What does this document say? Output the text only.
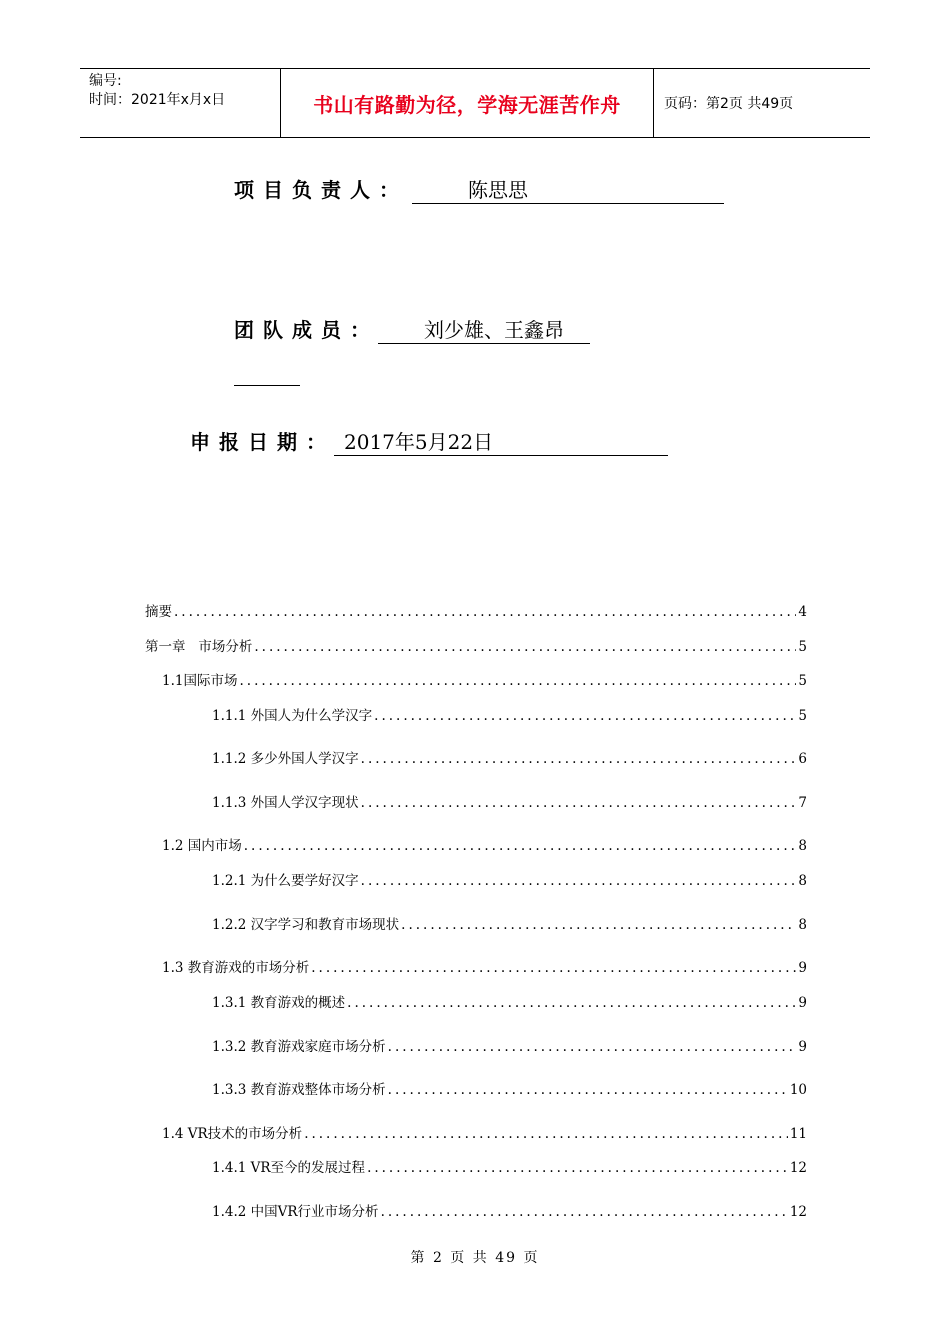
编号:
时间：2021年x月x日	书山有路勤为径，学海无涯苦作舟	页码：第2页 共49页
项目负责人：	陈思思
团队成员：	刘少雄、王鑫昂
申报日期： 2017年5月22日
摘要 .....	4
第一章   市场分析 .....	5
1.1国际市场 .....	5
1.1.1 外国人为什么学汉字 .....	5
1.1.2 多少外国人学汉字 .....	6
1.1.3 外国人学汉字现状 .....	7
1.2 国内市场 .....	8
1.2.1 为什么要学好汉字 .....	8
1.2.2 汉字学习和教育市场现状 .....	8
1.3 教育游戏的市场分析 .....	9
1.3.1 教育游戏的概述 .....	9
1.3.2 教育游戏家庭市场分析 .....	9
1.3.3 教育游戏整体市场分析 .....	10
1.4 VR技术的市场分析 .....	11
1.4.1 VR至今的发展过程 .....	12
1.4.2 中国VR行业市场分析 .....	12
第 2 页 共 49 页
